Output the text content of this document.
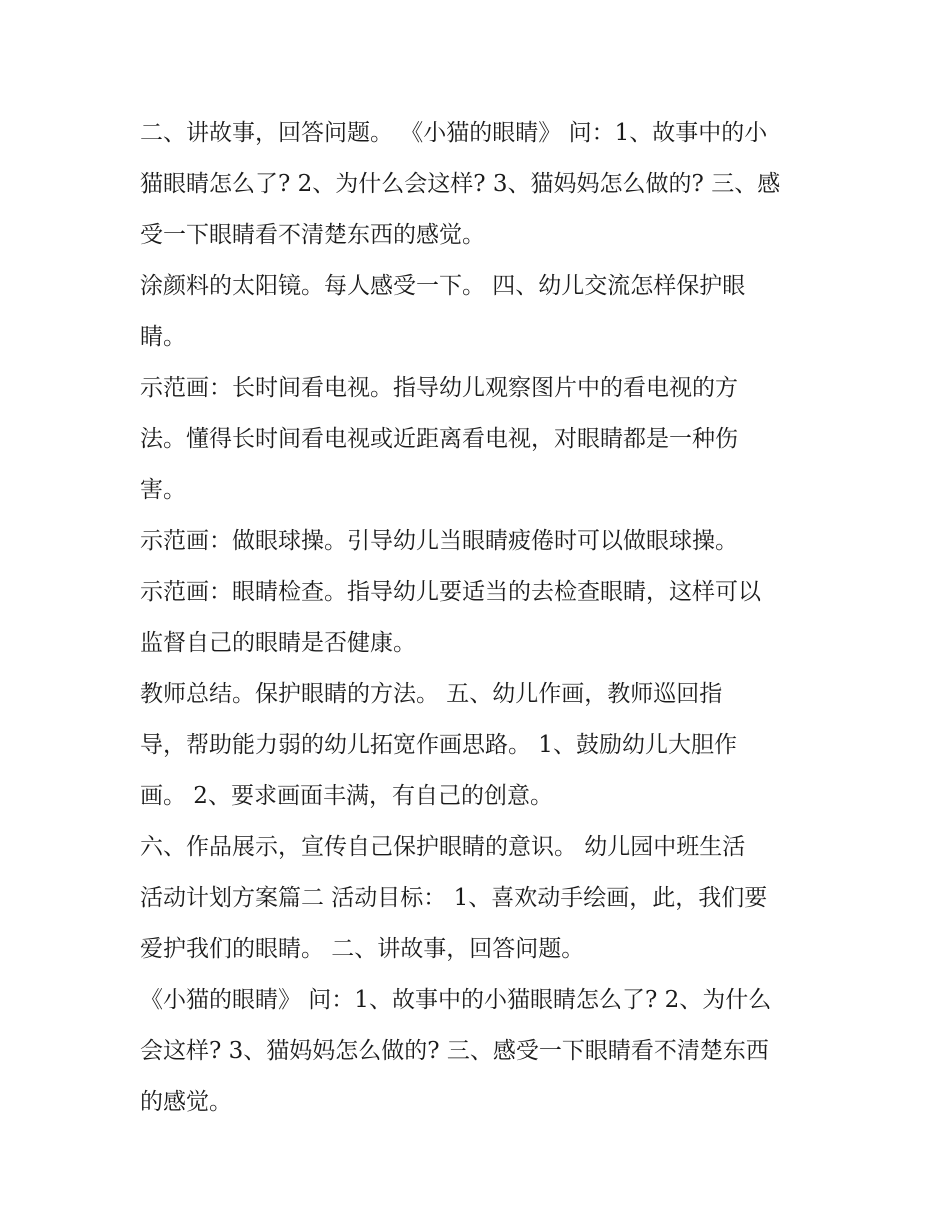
二、讲故事，回答问题。 《小猫的眼睛》 问：1、故事中的小

猫眼睛怎么了? 2、为什么会这样? 3、猫妈妈怎么做的? 三、感

受一下眼睛看不清楚东西的感觉。

涂颜料的太阳镜。每人感受一下。 四、幼儿交流怎样保护眼

睛。

示范画：长时间看电视。指导幼儿观察图片中的看电视的方

法。懂得长时间看电视或近距离看电视，对眼睛都是一种伤

害。

示范画：做眼球操。引导幼儿当眼睛疲倦时可以做眼球操。

示范画：眼睛检查。指导幼儿要适当的去检查眼睛，这样可以

监督自己的眼睛是否健康。

教师总结。保护眼睛的方法。 五、幼儿作画，教师巡回指

导，帮助能力弱的幼儿拓宽作画思路。 1、鼓励幼儿大胆作

画。 2、要求画面丰满，有自己的创意。

六、作品展示，宣传自己保护眼睛的意识。 幼儿园中班生活

活动计划方案篇二 活动目标： 1、喜欢动手绘画，此，我们要

爱护我们的眼睛。 二、讲故事，回答问题。

《小猫的眼睛》 问：1、故事中的小猫眼睛怎么了? 2、为什么

会这样? 3、猫妈妈怎么做的? 三、感受一下眼睛看不清楚东西

的感觉。
